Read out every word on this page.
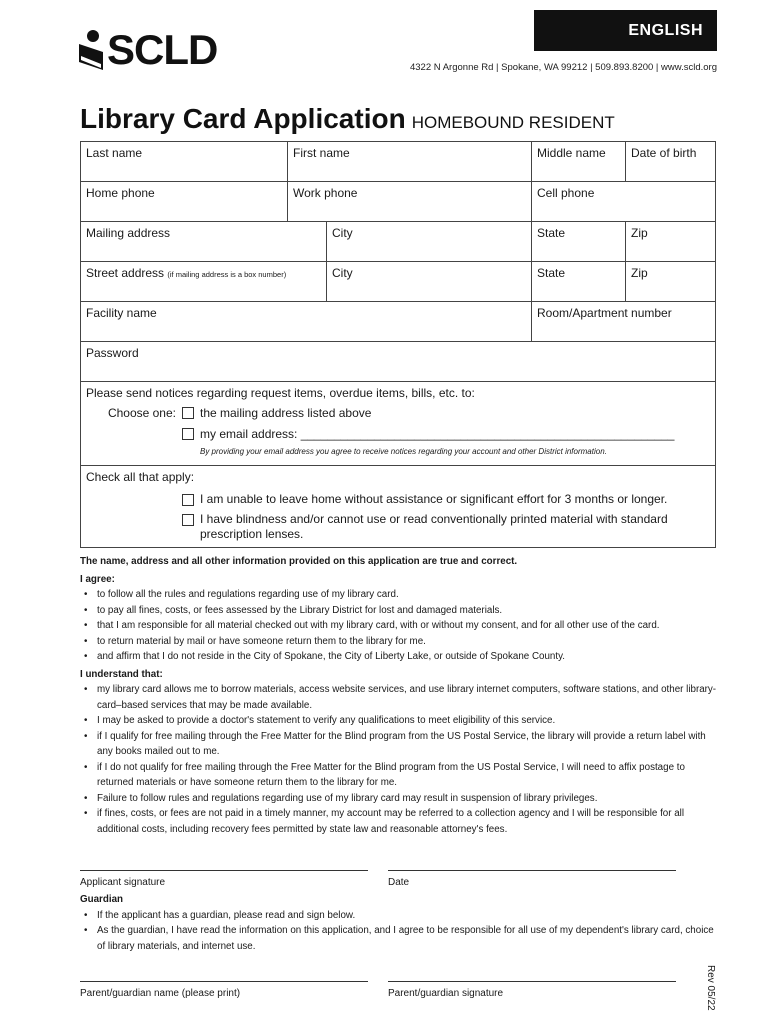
ENGLISH
SCLD	4322 N Argonne Rd | Spokane, WA 99212 | 509.893.8200 | www.scld.org
Library Card Application HOMEBOUND RESIDENT
Last name	First name	Middle name	Date of birth
Home phone	Work phone	Cell phone
Mailing address	City	State	Zip
Street address (if mailing address is a box number)	City	State	Zip
Facility name	Room/Apartment number
Password
Please send notices regarding request items, overdue items, bills, etc. to:
Choose one: the mailing address listed above
my email address: ________________________________________________________
By providing your email address you agree to receive notices regarding your account and other District information.
Check all that apply:
I am unable to leave home without assistance or significant effort for 3 months or longer.
I have blindness and/or cannot use or read conventionally printed material with standard prescription lenses.
The name, address and all other information provided on this application are true and correct.
I agree:
• to follow all the rules and regulations regarding use of my library card.
• to pay all fines, costs, or fees assessed by the Library District for lost and damaged materials.
• that I am responsible for all material checked out with my library card, with or without my consent, and for all other use of the card.
• to return material by mail or have someone return them to the library for me.
• and affirm that I do not reside in the City of Spokane, the City of Liberty Lake, or outside of Spokane County.
I understand that:
• my library card allows me to borrow materials, access website services, and use library internet computers, software stations, and other library-card–based services that may be made available.
• I may be asked to provide a doctor's statement to verify any qualifications to meet eligibility of this service.
• if I qualify for free mailing through the Free Matter for the Blind program from the US Postal Service, the library will provide a return label with any books mailed out to me.
• if I do not qualify for free mailing through the Free Matter for the Blind program from the US Postal Service, I will need to affix postage to returned materials or have someone return them to the library for me.
• Failure to follow rules and regulations regarding use of my library card may result in suspension of library privileges.
• if fines, costs, or fees are not paid in a timely manner, my account may be referred to a collection agency and I will be responsible for all additional costs, including recovery fees permitted by state law and reasonable attorney's fees.
Applicant signature	Date
Guardian
• If the applicant has a guardian, please read and sign below.
• As the guardian, I have read the information on this application, and I agree to be responsible for all use of my dependent's library card, choice of library materials, and internet use.
Parent/guardian name (please print)	Parent/guardian signature	Rev 05/22
